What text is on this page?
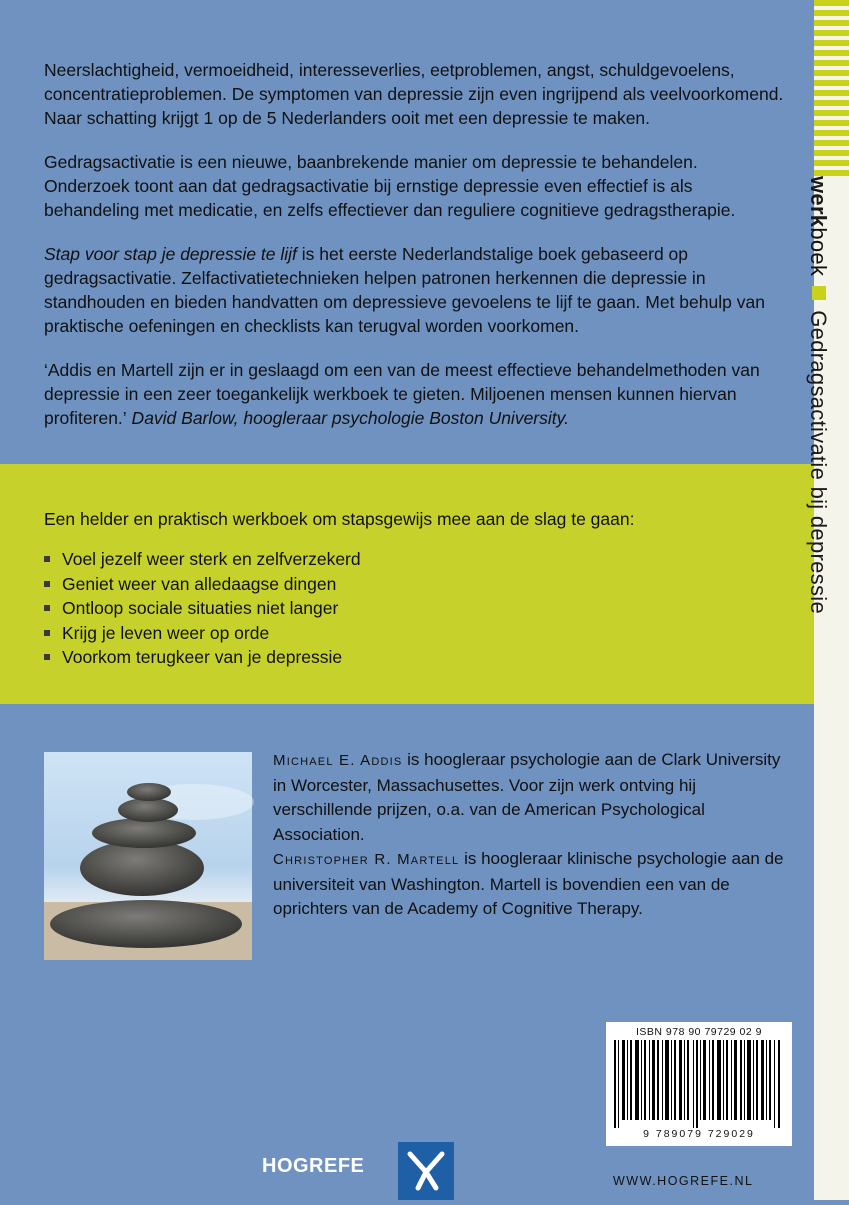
Neerslachtigheid, vermoeidheid, interesseverlies, eetproblemen, angst, schuldgevoelens, concentratieproblemen. De symptomen van depressie zijn even ingrijpend als veelvoorkomend. Naar schatting krijgt 1 op de 5 Nederlanders ooit met een depressie te maken.

Gedragsactivatie is een nieuwe, baanbrekende manier om depressie te behandelen. Onderzoek toont aan dat gedragsactivatie bij ernstige depressie even effectief is als behandeling met medicatie, en zelfs effectiever dan reguliere cognitieve gedragstherapie.

Stap voor stap je depressie te lijf is het eerste Nederlandstalige boek gebaseerd op gedragsactivatie. Zelfactivatietechnieken helpen patronen herkennen die depressie in standhouden en bieden handvatten om depressieve gevoelens te lijf te gaan. Met behulp van praktische oefeningen en checklists kan terugval worden voorkomen.

‘Addis en Martell zijn er in geslaagd om een van de meest effectieve behandelmethoden van depressie in een zeer toegankelijk werkboek te gieten. Miljoenen mensen kunnen hiervan profiteren.’ David Barlow, hoogleraar psychologie Boston University.

Een helder en praktisch werkboek om stapsgewijs mee aan de slag te gaan:
Voel jezelf weer sterk en zelfverzekerd
Geniet weer van alledaagse dingen
Ontloop sociale situaties niet langer
Krijg je leven weer op orde
Voorkom terugkeer van je depressie

Michael E. Addis is hoogleraar psychologie aan de Clark University in Worcester, Massachusettes. Voor zijn werk ontving hij verschillende prijzen, o.a. van de American Psychological Association.

Christopher R. Martell is hoogleraar klinische psychologie aan de universiteit van Washington. Martell is bovendien een van de oprichters van de Academy of Cognitive Therapy.

ISBN 978 90 79729 02 9
9 789079 729029
WWW.HOGREFE.NL
HOGREFE
werkboekGedragsactivatie bij depressie
